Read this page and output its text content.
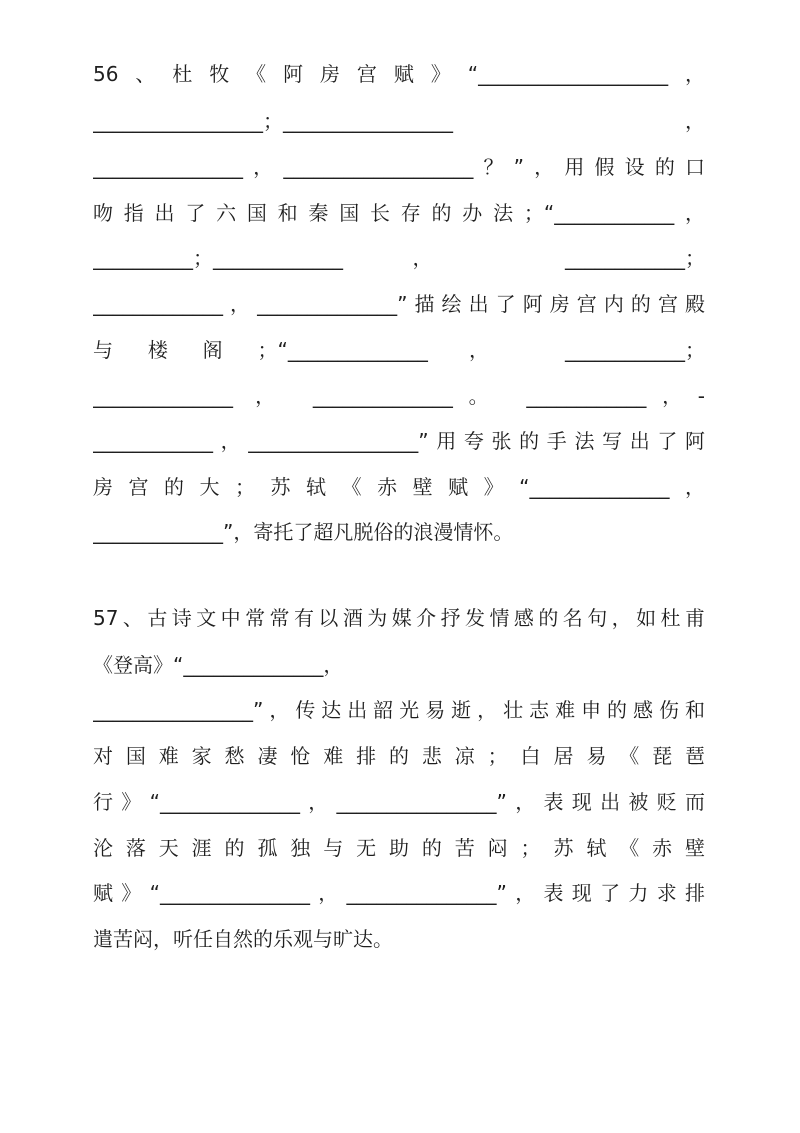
56、杜牧《阿房宫赋》“___________________，
_________________；_________________ ，
_______________，___________________？”，用假设的口
吻指出了六国和秦国长存的办法；“____________，
__________；_____________ ， ____________；
_____________，______________”描绘出了阿房宫内的宫殿
与楼阁；“______________ ， ____________；
______________ ， ______________。 ____________，-
____________，_________________”用夸张的手法写出了阿
房宫的大；苏轼《赤壁赋》“______________，
_____________”，寄托了超凡脱俗的浪漫情怀。
57、古诗文中常常有以酒为媒介抒发情感的名句，如杜甫
《登高》“______________，
________________”，传达出韶光易逝，壮志难申的感伤和
对国难家愁凄怆难排的悲凉；白居易《琵琶
行》“______________，________________”，表现出被贬而
沦落天涯的孤独与无助的苦闷；苏轼《赤壁
赋》“_______________，_______________”，表现了力求排
遣苦闷，听任自然的乐观与旷达。
